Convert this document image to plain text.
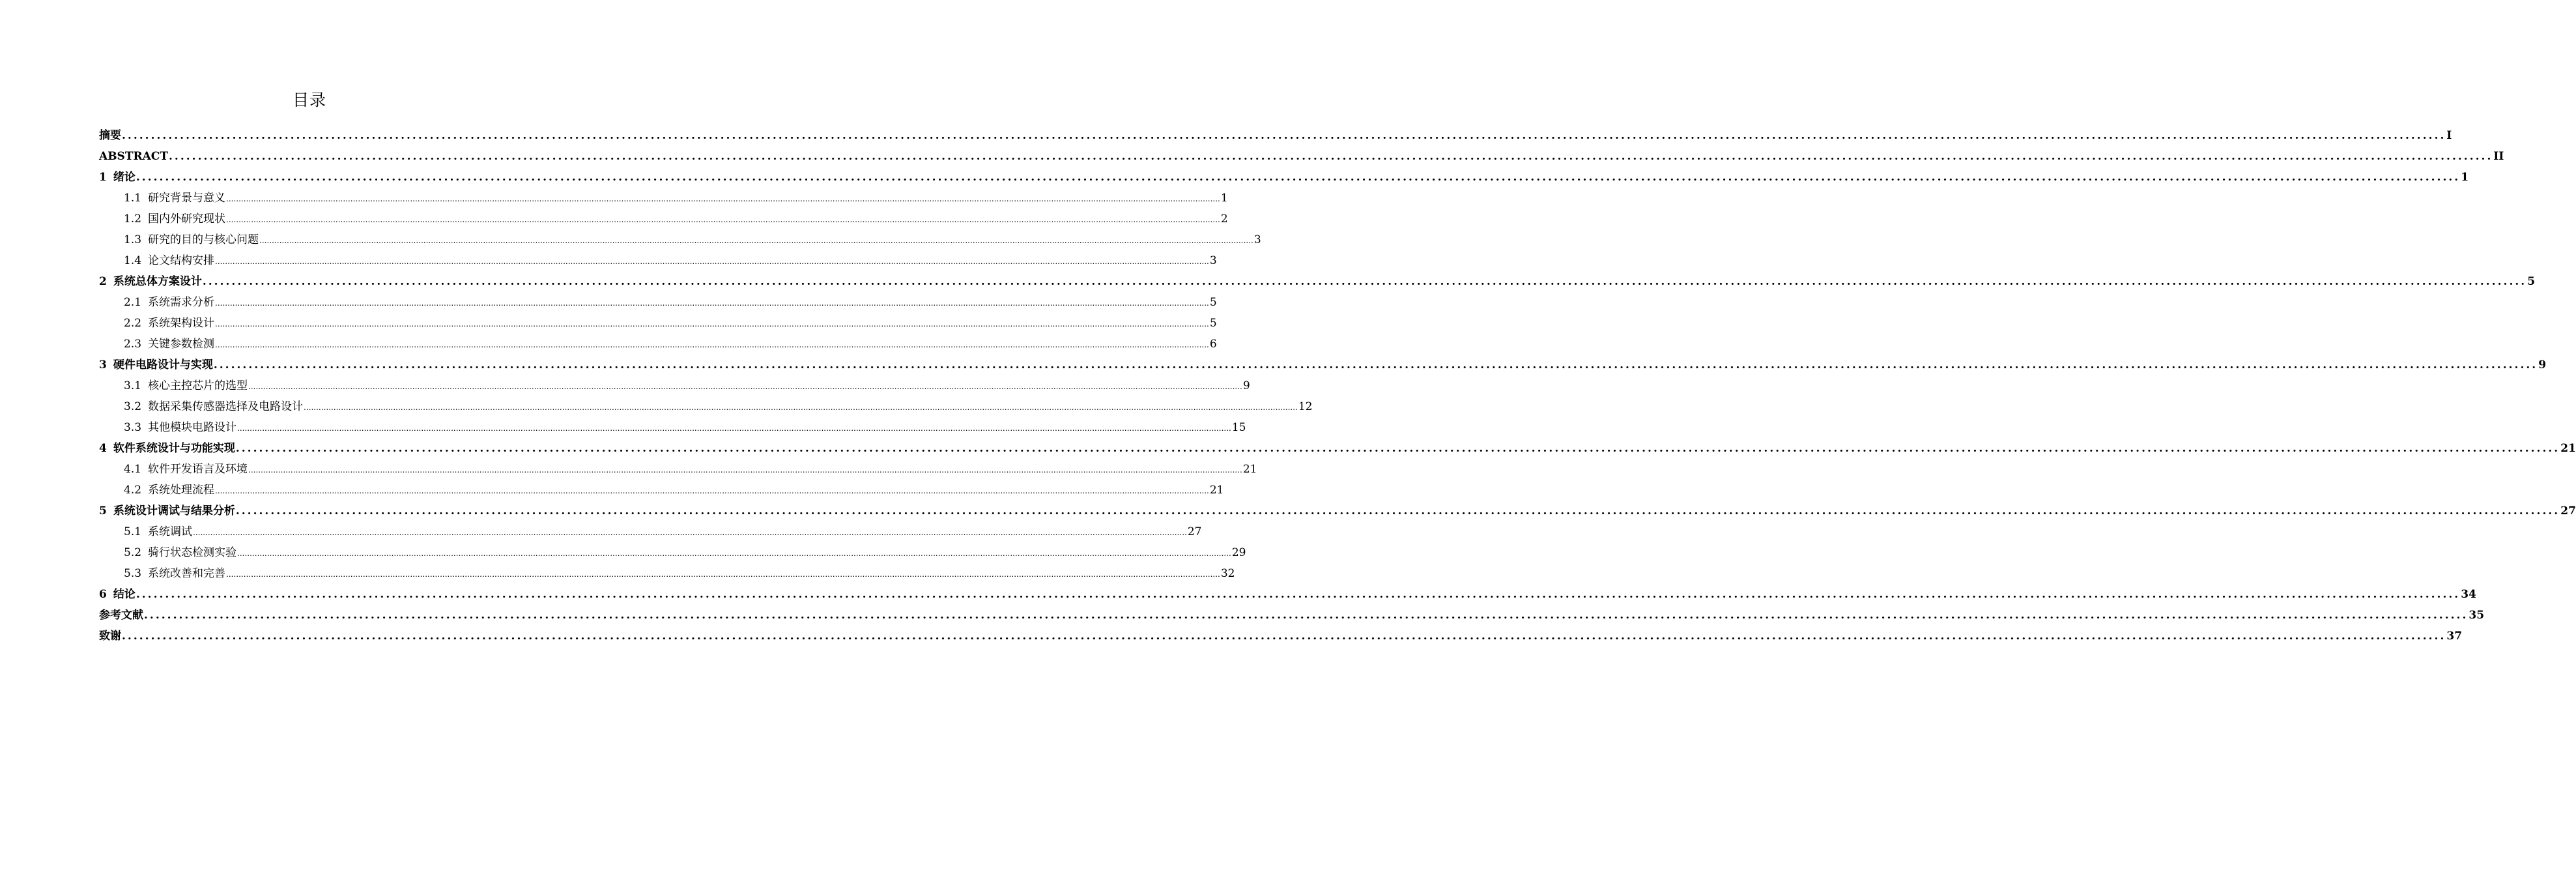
目录
摘要 ................................................................................................................................................................................................................................................................................................................................................................................................................ I
ABSTRACT ................................................................................................................................................................................................................................................................................................................................................................................................................ II
1 绪论 ................................................................................................................................................................................................................................................................................................................................................................................................................ 1
1.1 研究背景与意义 ................................................................................................................................................................................................................................................................................................................................................................................................................ 1
1.2 国内外研究现状 ................................................................................................................................................................................................................................................................................................................................................................................................................ 2
1.3 研究的目的与核心问题 ................................................................................................................................................................................................................................................................................................................................................................................................................ 3
1.4 论文结构安排 ................................................................................................................................................................................................................................................................................................................................................................................................................ 3
2 系统总体方案设计 ................................................................................................................................................................................................................................................................................................................................................................................................................ 5
2.1 系统需求分析 ................................................................................................................................................................................................................................................................................................................................................................................................................ 5
2.2 系统架构设计 ................................................................................................................................................................................................................................................................................................................................................................................................................ 5
2.3 关键参数检测 ................................................................................................................................................................................................................................................................................................................................................................................................................ 6
3 硬件电路设计与实现 ................................................................................................................................................................................................................................................................................................................................................................................................................ 9
3.1 核心主控芯片的选型 ................................................................................................................................................................................................................................................................................................................................................................................................................ 9
3.2 数据采集传感器选择及电路设计 ................................................................................................................................................................................................................................................................................................................................................................................................................ 12
3.3 其他模块电路设计 ................................................................................................................................................................................................................................................................................................................................................................................................................ 15
4 软件系统设计与功能实现 ................................................................................................................................................................................................................................................................................................................................................................................................................ 21
4.1 软件开发语言及环境 ................................................................................................................................................................................................................................................................................................................................................................................................................ 21
4.2 系统处理流程 ................................................................................................................................................................................................................................................................................................................................................................................................................ 21
5 系统设计调试与结果分析 ................................................................................................................................................................................................................................................................................................................................................................................................................ 27
5.1 系统调试 ................................................................................................................................................................................................................................................................................................................................................................................................................ 27
5.2 骑行状态检测实验 ................................................................................................................................................................................................................................................................................................................................................................................................................ 29
5.3 系统改善和完善 ................................................................................................................................................................................................................................................................................................................................................................................................................ 32
6 结论 ................................................................................................................................................................................................................................................................................................................................................................................................................ 34
参考文献 ................................................................................................................................................................................................................................................................................................................................................................................................................ 35
致谢 ................................................................................................................................................................................................................................................................................................................................................................................................................ 37
